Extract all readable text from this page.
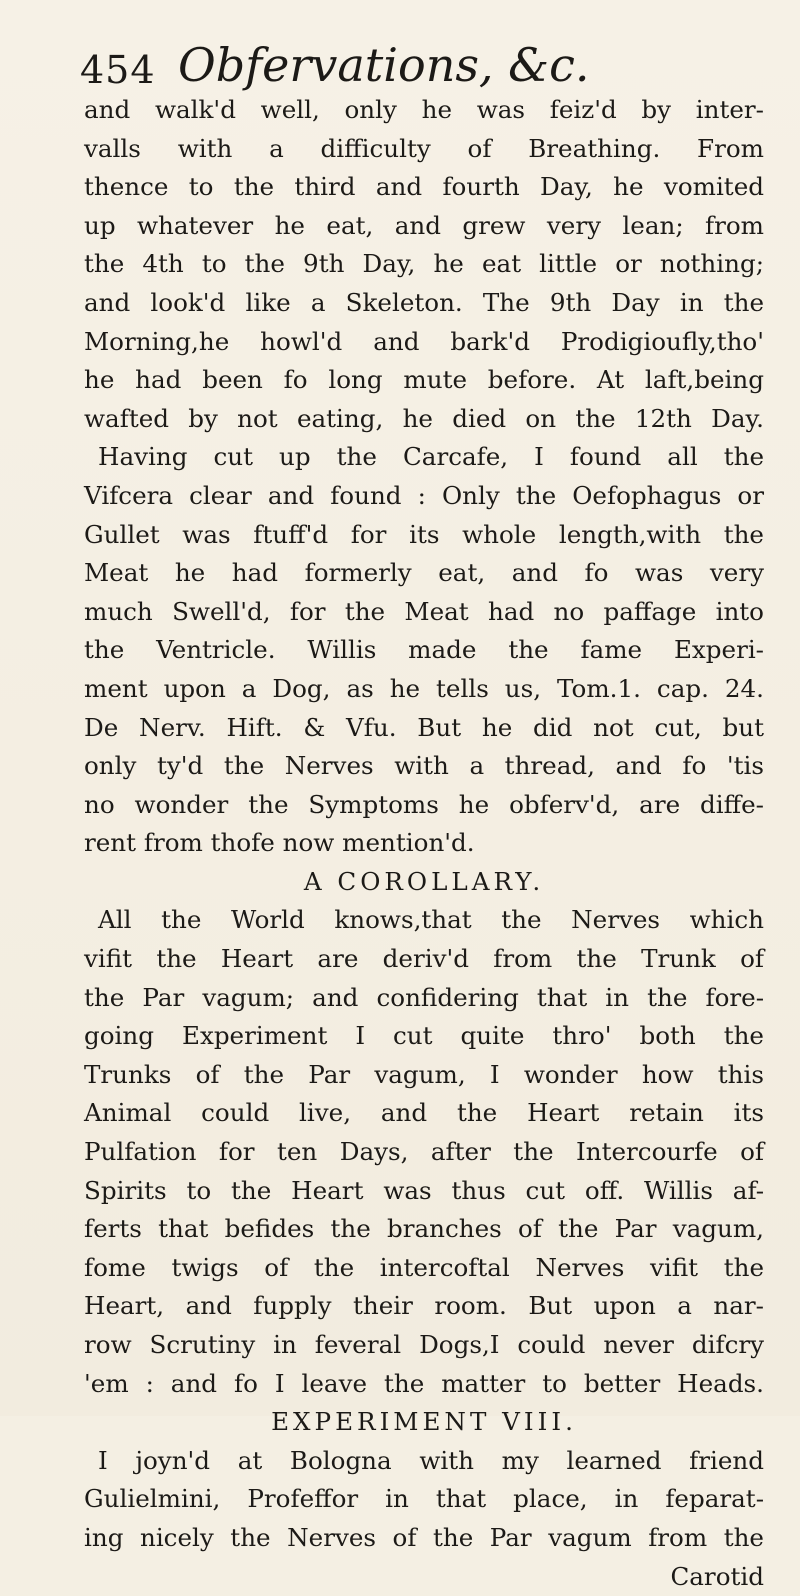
454 Obfervations, &c.
and walk'd well, only he was feiz'd by inter-
valls with a difficulty of Breathing. From
thence to the third and fourth Day, he vomited
up whatever he eat, and grew very lean; from
the 4th to the 9th Day, he eat little or nothing;
and look'd like a Skeleton. The 9th Day in the
Morning,he howl'd and bark'd Prodigioufly,tho'
he had been fo long mute before. At laft,being
wafted by not eating, he died on the 12th Day.
Having cut up the Carcafe, I found all the
Vifcera clear and found : Only the Oefophagus or
Gullet was ftuff'd for its whole length,with the
Meat he had formerly eat, and fo was very
much Swell'd, for the Meat had no paffage into
the Ventricle. Willis made the fame Experi-
ment upon a Dog, as he tells us, Tom.1. cap. 24.
De Nerv. Hift. & Vfu. But he did not cut, but
only ty'd the Nerves with a thread, and fo 'tis
no wonder the Symptoms he obferv'd, are diffe-
rent from thofe now mention'd.
A COROLLARY.
All the World knows,that the Nerves which
vifit the Heart are deriv'd from the Trunk of
the Par vagum; and confidering that in the fore-
going Experiment I cut quite thro' both the
Trunks of the Par vagum, I wonder how this
Animal could live, and the Heart retain its
Pulfation for ten Days, after the Intercourfe of
Spirits to the Heart was thus cut off. Willis af-
ferts that befides the branches of the Par vagum,
fome twigs of the intercoftal Nerves vifit the
Heart, and fupply their room. But upon a nar-
row Scrutiny in feveral Dogs,I could never difcry
'em : and fo I leave the matter to better Heads.
EXPERIMENT VIII.
I joyn'd at Bologna with my learned friend
Gulielmini, Profeffor in that place, in feparat-
ing nicely the Nerves of the Par vagum from the
Carotid
